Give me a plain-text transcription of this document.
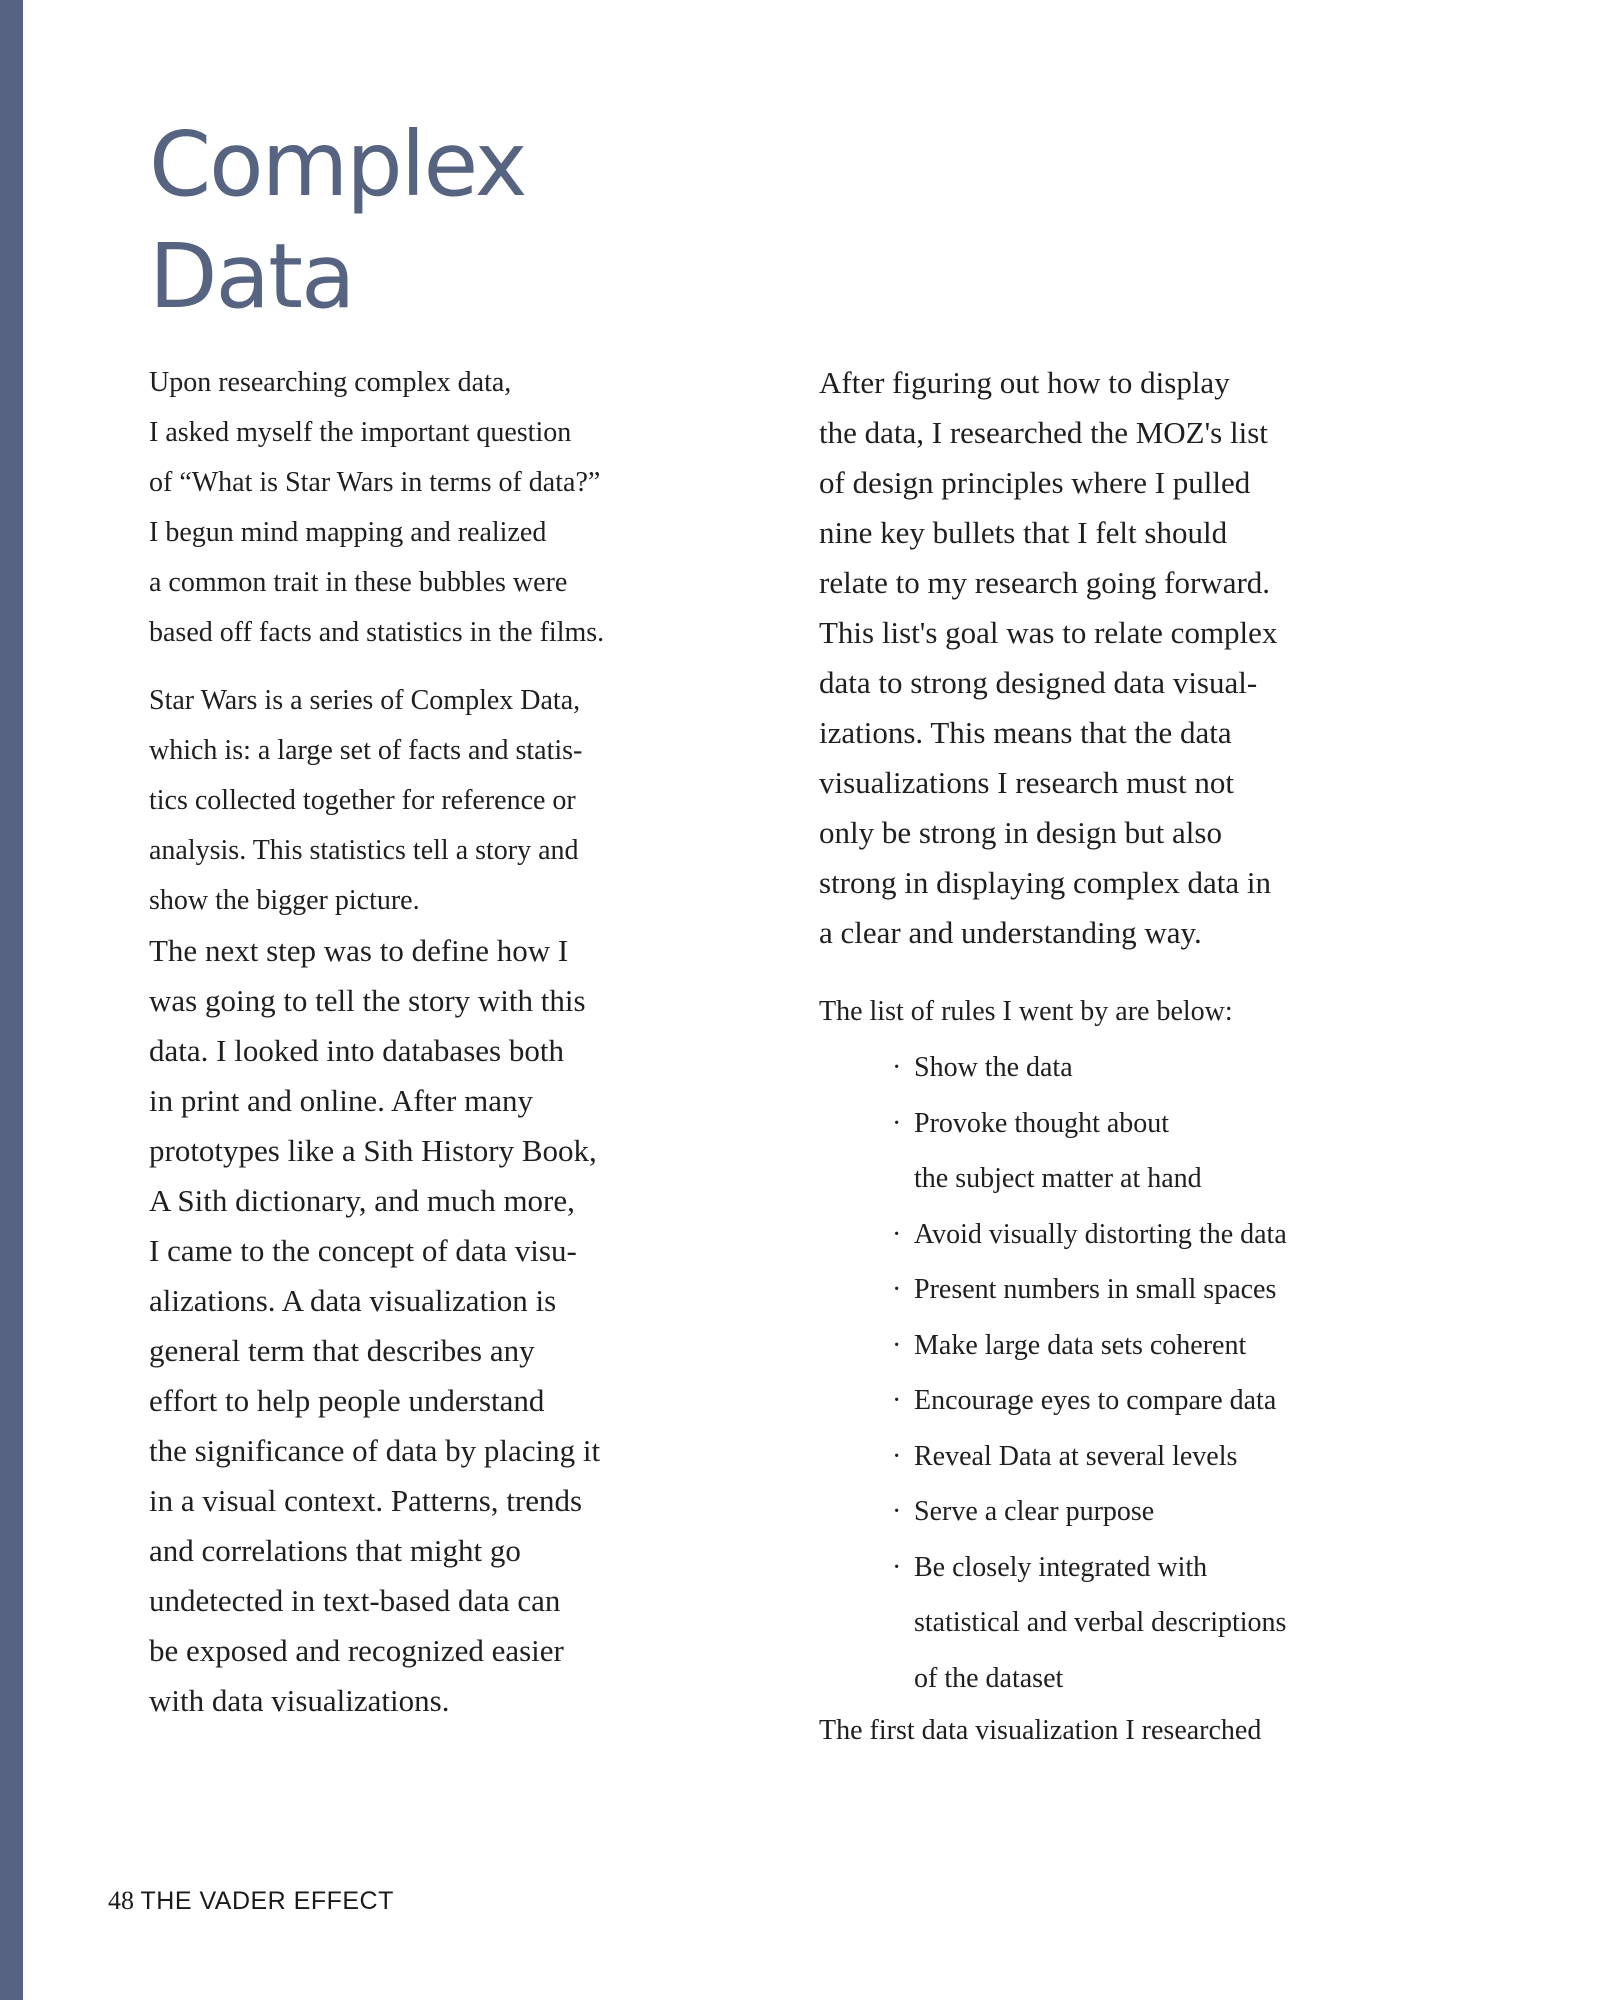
Complex
Data

Upon researching complex data,
I asked myself the important question
of “What is Star Wars in terms of data?”
I begun mind mapping and realized
a common trait in these bubbles were
based off facts and statistics in the films.

Star Wars is a series of Complex Data,
which is: a large set of facts and statis-
tics collected together for reference or
analysis. This statistics tell a story and
show the bigger picture.

The next step was to define how I
was going to tell the story with this
data. I looked into databases both
in print and online. After many
prototypes like a Sith History Book,
A Sith dictionary, and much more,
I came to the concept of data visu-
alizations. A data visualization is
general term that describes any
effort to help people understand
the significance of data by placing it
in a visual context. Patterns, trends
and correlations that might go
undetected in text-based data can
be exposed and recognized easier
with data visualizations.

After figuring out how to display
the data, I researched the MOZ's list
of design principles where I pulled
nine key bullets that I felt should
relate to my research going forward.
This list's goal was to relate complex
data to strong designed data visual-
izations. This means that the data
visualizations I research must not
only be strong in design but also
strong in displaying complex data in
a clear and understanding way.

The list of rules I went by are below:

· Show the data
· Provoke thought about
the subject matter at hand
· Avoid visually distorting the data
· Present numbers in small spaces
· Make large data sets coherent
· Encourage eyes to compare data
· Reveal Data at several levels
· Serve a clear purpose
· Be closely integrated with
statistical and verbal descriptions
of the dataset

The first data visualization I researched

48 THE VADER EFFECT
